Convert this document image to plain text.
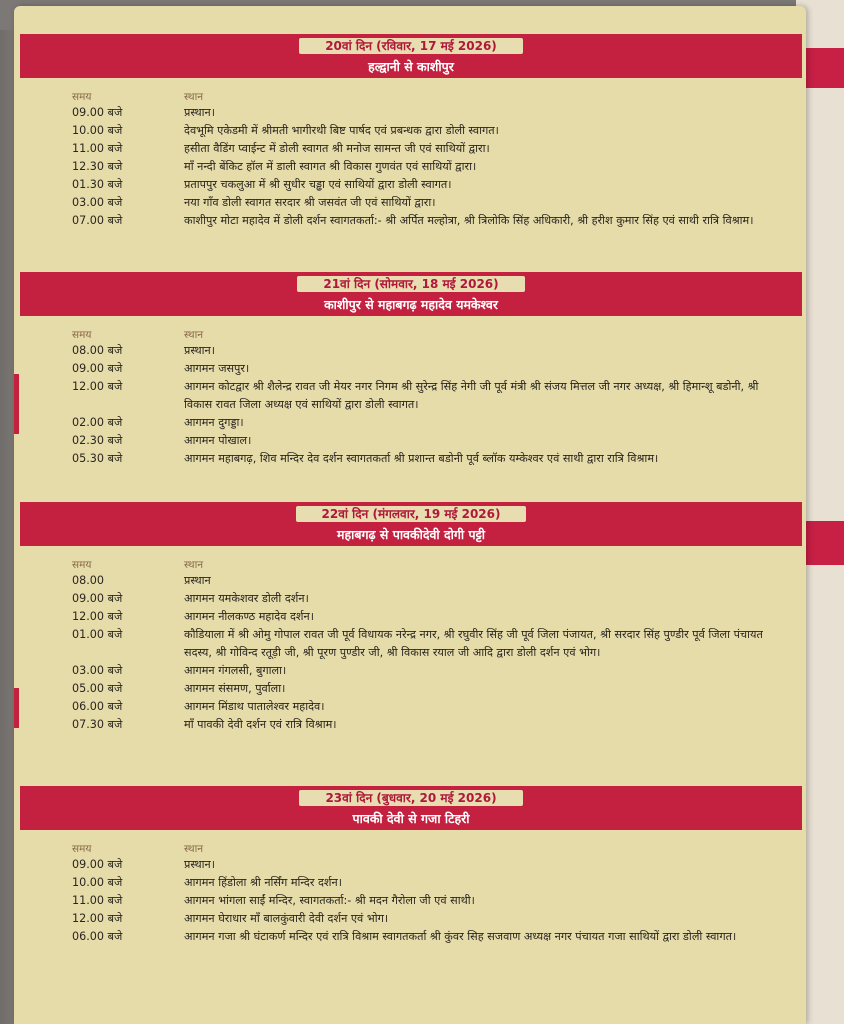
20वां दिन (रविवार, 17 मई 2026)
हल्द्वानी से काशीपुर
समय	स्थान
09.00 बजे	प्रस्थान।
10.00 बजे	देवभूमि एकेडमी में श्रीमती भागीरथी बिष्ट पार्षद एवं प्रबन्धक द्वारा डोली स्वागत।
11.00 बजे	हसीता वैडिंग प्वाईन्ट में डोली स्वागत श्री मनोज सामन्त जी एवं साथियों द्वारा।
12.30 बजे	माँ नन्दी बेंकिट हॉल में डाली स्वागत श्री विकास गुणवंत एवं साथियों द्वारा।
01.30 बजे	प्रतापपुर चकलुआ में श्री सुधीर चड्ढा एवं साथियों द्वारा डोली स्वागत।
03.00 बजे	नया गाँव डोली स्वागत सरदार श्री जसवंत जी एवं साथियों द्वारा।
07.00 बजे	काशीपुर मोटा महादेव में डोली दर्शन स्वागतकर्ता:- श्री अर्पित मल्होत्रा, श्री त्रिलोकि सिंह अधिकारी, श्री हरीश कुमार सिंह एवं साथी रात्रि विश्राम।
21वां दिन (सोमवार, 18 मई 2026)
काशीपुर से महाबगढ़ महादेव यमकेश्वर
समय	स्थान
08.00 बजे	प्रस्थान।
09.00 बजे	आगमन जसपुर।
12.00 बजे	आगमन कोटद्वार श्री शैलेन्द्र रावत जी मेयर नगर निगम श्री सुरेन्द्र सिंह नेगी जी पूर्व मंत्री श्री संजय मित्तल जी नगर अध्यक्ष, श्री हिमान्शू बडोनी, श्री विकास रावत जिला अध्यक्ष एवं साथियों द्वारा डोली स्वागत।
02.00 बजे	आगमन दुगड्डा।
02.30 बजे	आगमन पोखाल।
05.30 बजे	आगमन महाबगढ़, शिव मन्दिर देव दर्शन स्वागतकर्ता श्री प्रशान्त बडोनी पूर्व ब्लॉक यम्केश्वर एवं साथी द्वारा रात्रि विश्राम।
22वां दिन (मंगलवार, 19 मई 2026)
महाबगढ़ से पावकीदेवी दोगी पट्टी
समय	स्थान
08.00	प्रस्थान
09.00 बजे	आगमन यमकेशवर डोली दर्शन।
12.00 बजे	आगमन नीलकण्ठ महादेव दर्शन।
01.00 बजे	कौडियाला में श्री ओमु गोपाल रावत जी पूर्व विधायक नरेन्द्र नगर, श्री रघुवीर सिंह जी पूर्व जिला पंजायत, श्री सरदार सिंह पुण्डीर पूर्व जिला पंचायत सदस्य, श्री गोविन्द रतूड़ी जी, श्री पूरण पुण्डीर जी, श्री विकास रयाल जी आदि द्वारा डोली दर्शन एवं भोग।
03.00 बजे	आगमन गंगलसी, बुगाला।
05.00 बजे	आगमन संसमण, पुर्वाला।
06.00 बजे	आगमन मिंडाथ पातालेश्वर महादेव।
07.30 बजे	माँ पावकी देवी दर्शन एवं रात्रि विश्राम।
23वां दिन (बुधवार, 20 मई 2026)
पावकी देवी से गजा टिहरी
समय	स्थान
09.00 बजे	प्रस्थान।
10.00 बजे	आगमन हिंडोला श्री नर्सिंग मन्दिर दर्शन।
11.00 बजे	आगमन भांगला साईं मन्दिर, स्वागतकर्ता:- श्री मदन गैरोला जी एवं साथी।
12.00 बजे	आगमन घेराधार माँ बालकुंवारी देवी दर्शन एवं भोग।
06.00 बजे	आगमन गजा श्री घंटाकर्ण मन्दिर एवं रात्रि विश्राम स्वागतकर्ता श्री कुंवर सिह सजवाण अध्यक्ष नगर पंचायत गजा साथियों द्वारा डोली स्वागत।
